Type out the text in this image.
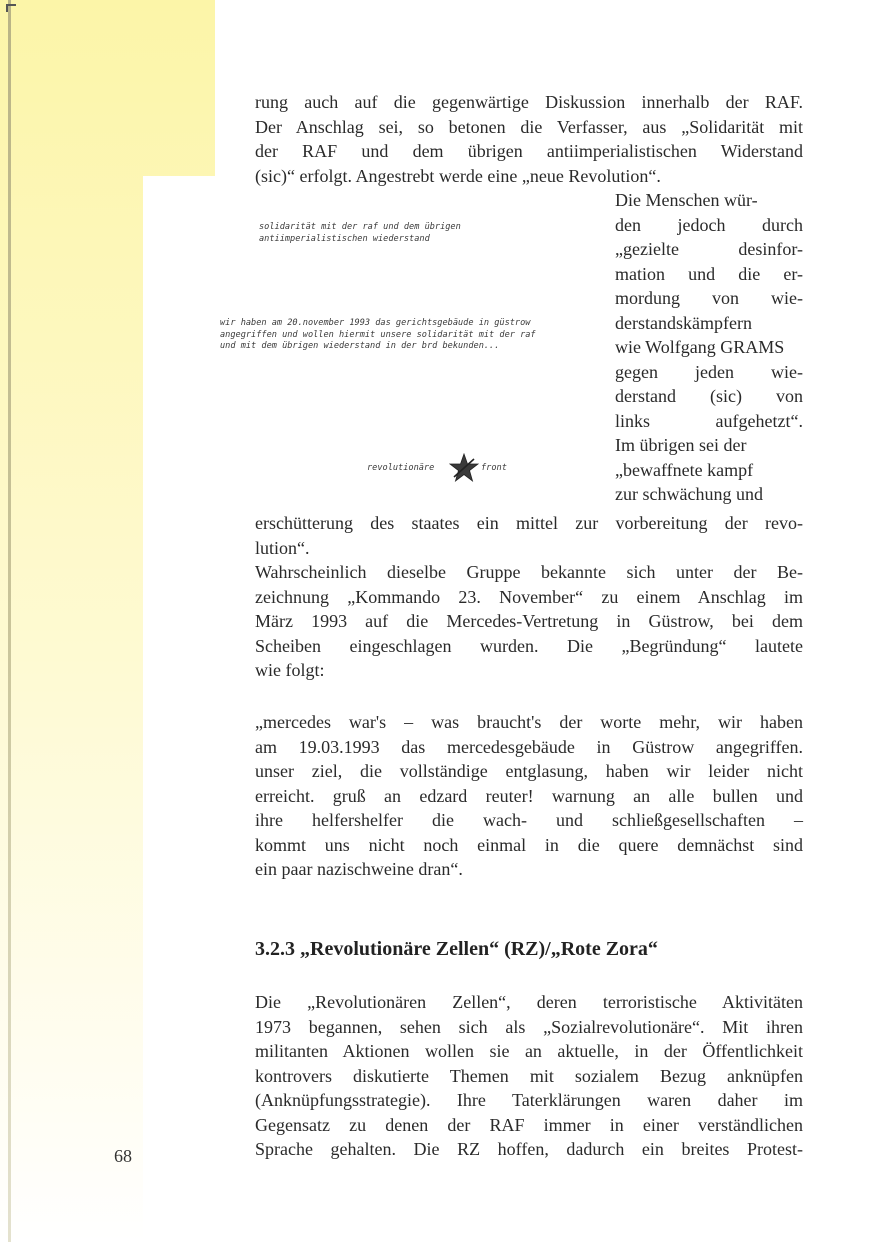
rung auch auf die gegenwärtige Diskussion innerhalb der RAF.
Der Anschlag sei, so betonen die Verfasser, aus „Solidarität mit
der RAF und dem übrigen antiimperialistischen Widerstand
(sic)“ erfolgt. Angestrebt werde eine „neue Revolution“.
solidarität mit der raf und dem übrigen
antiimperialistischen wiederstand
wir haben am 20.november 1993 das gerichtsgebäude in güstrow
angegriffen und wollen hiermit unsere solidarität mit der raf
und mit dem übrigen wiederstand in der brd bekunden...
revolutionäre	front
Die Menschen wür-
den jedoch durch
„gezielte desinfor-
mation und die er-
mordung von wie-
derstandskämpfern
wie Wolfgang GRAMS
gegen jeden wie-
derstand (sic) von
links aufgehetzt“.
Im übrigen sei der
„bewaffnete kampf
zur schwächung und
erschütterung des staates ein mittel zur vorbereitung der revo-
lution“.
Wahrscheinlich dieselbe Gruppe bekannte sich unter der Be-
zeichnung „Kommando 23. November“ zu einem Anschlag im
März 1993 auf die Mercedes-Vertretung in Güstrow, bei dem
Scheiben eingeschlagen wurden. Die „Begründung“ lautete
wie folgt:
„mercedes war's – was braucht's der worte mehr, wir haben
am 19.03.1993 das mercedesgebäude in Güstrow angegriffen.
unser ziel, die vollständige entglasung, haben wir leider nicht
erreicht. gruß an edzard reuter! warnung an alle bullen und
ihre helfershelfer die wach- und schließgesellschaften –
kommt uns nicht noch einmal in die quere demnächst sind
ein paar nazischweine dran“.
3.2.3 „Revolutionäre Zellen“ (RZ)/„Rote Zora“
Die „Revolutionären Zellen“, deren terroristische Aktivitäten
1973 begannen, sehen sich als „Sozialrevolutionäre“. Mit ihren
militanten Aktionen wollen sie an aktuelle, in der Öffentlichkeit
kontrovers diskutierte Themen mit sozialem Bezug anknüpfen
(Anknüpfungsstrategie). Ihre Taterklärungen waren daher im
Gegensatz zu denen der RAF immer in einer verständlichen
Sprache gehalten. Die RZ hoffen, dadurch ein breites Protest-
68
